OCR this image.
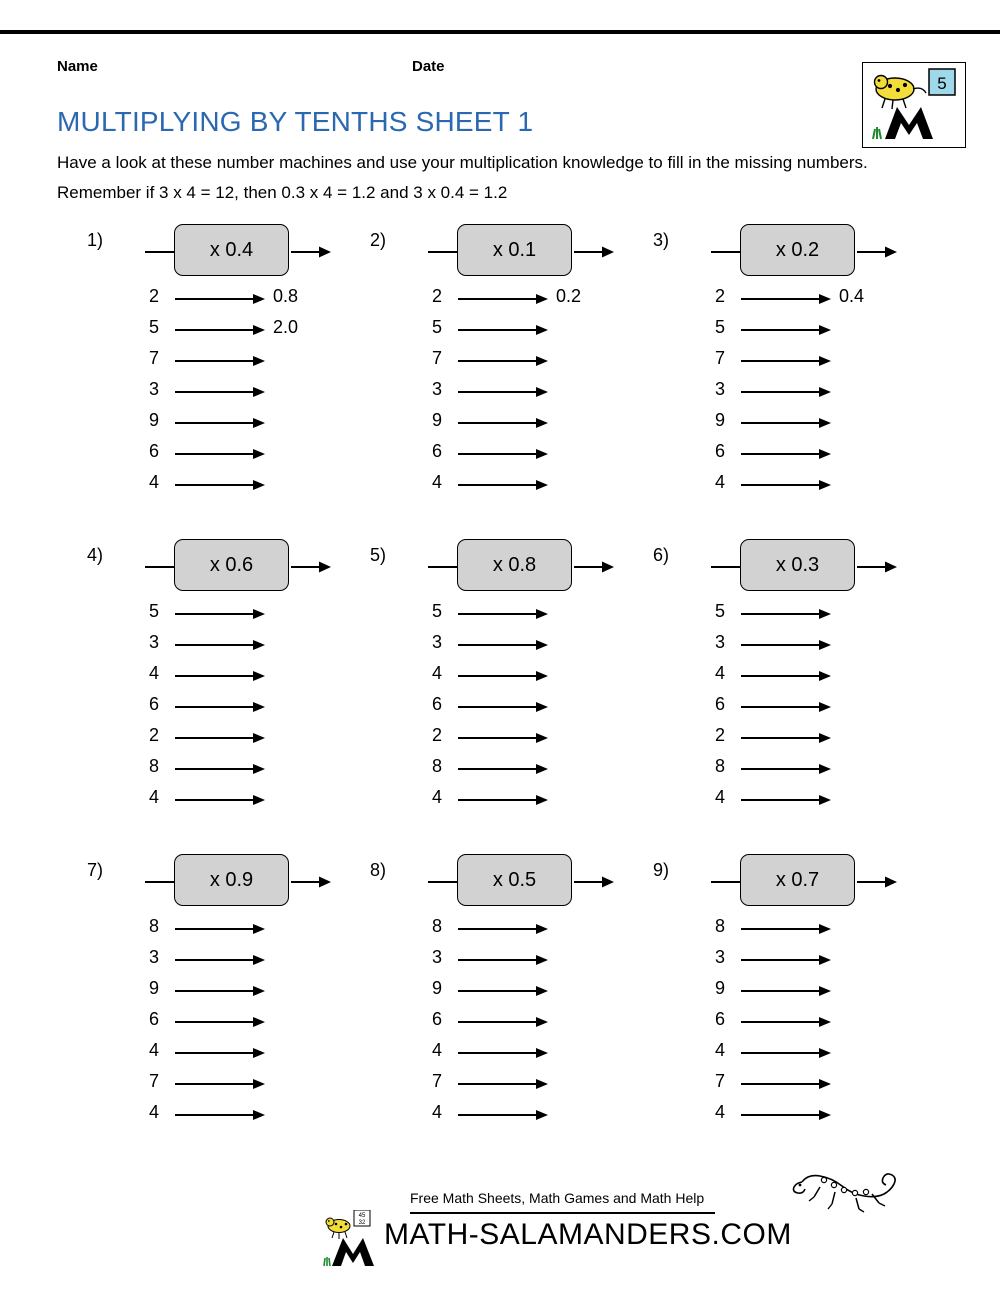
Name	Date
5
MULTIPLYING BY TENTHS SHEET 1
Have a look at these number machines and use your multiplication knowledge to fill in the missing numbers. Remember if 3 x 4 = 12, then 0.3 x 4 = 1.2 and 3 x 0.4 = 1.2
1)	x 0.4
2	0.8
5	2.0
7
3
9
6
4
2)	x 0.1
2	0.2
5
7
3
9
6
4
3)	x 0.2
2	0.4
5
7
3
9
6
4
4)	x 0.6
5
3
4
6
2
8
4
5)	x 0.8
5
3
4
6
2
8
4
6)	x 0.3
5
3
4
6
2
8
4
7)	x 0.9
8
3
9
6
4
7
4
8)	x 0.5
8
3
9
6
4
7
4
9)	x 0.7
8
3
9
6
4
7
4
45
32
Free Math Sheets, Math Games and Math Help
MATH-SALAMANDERS.COM
